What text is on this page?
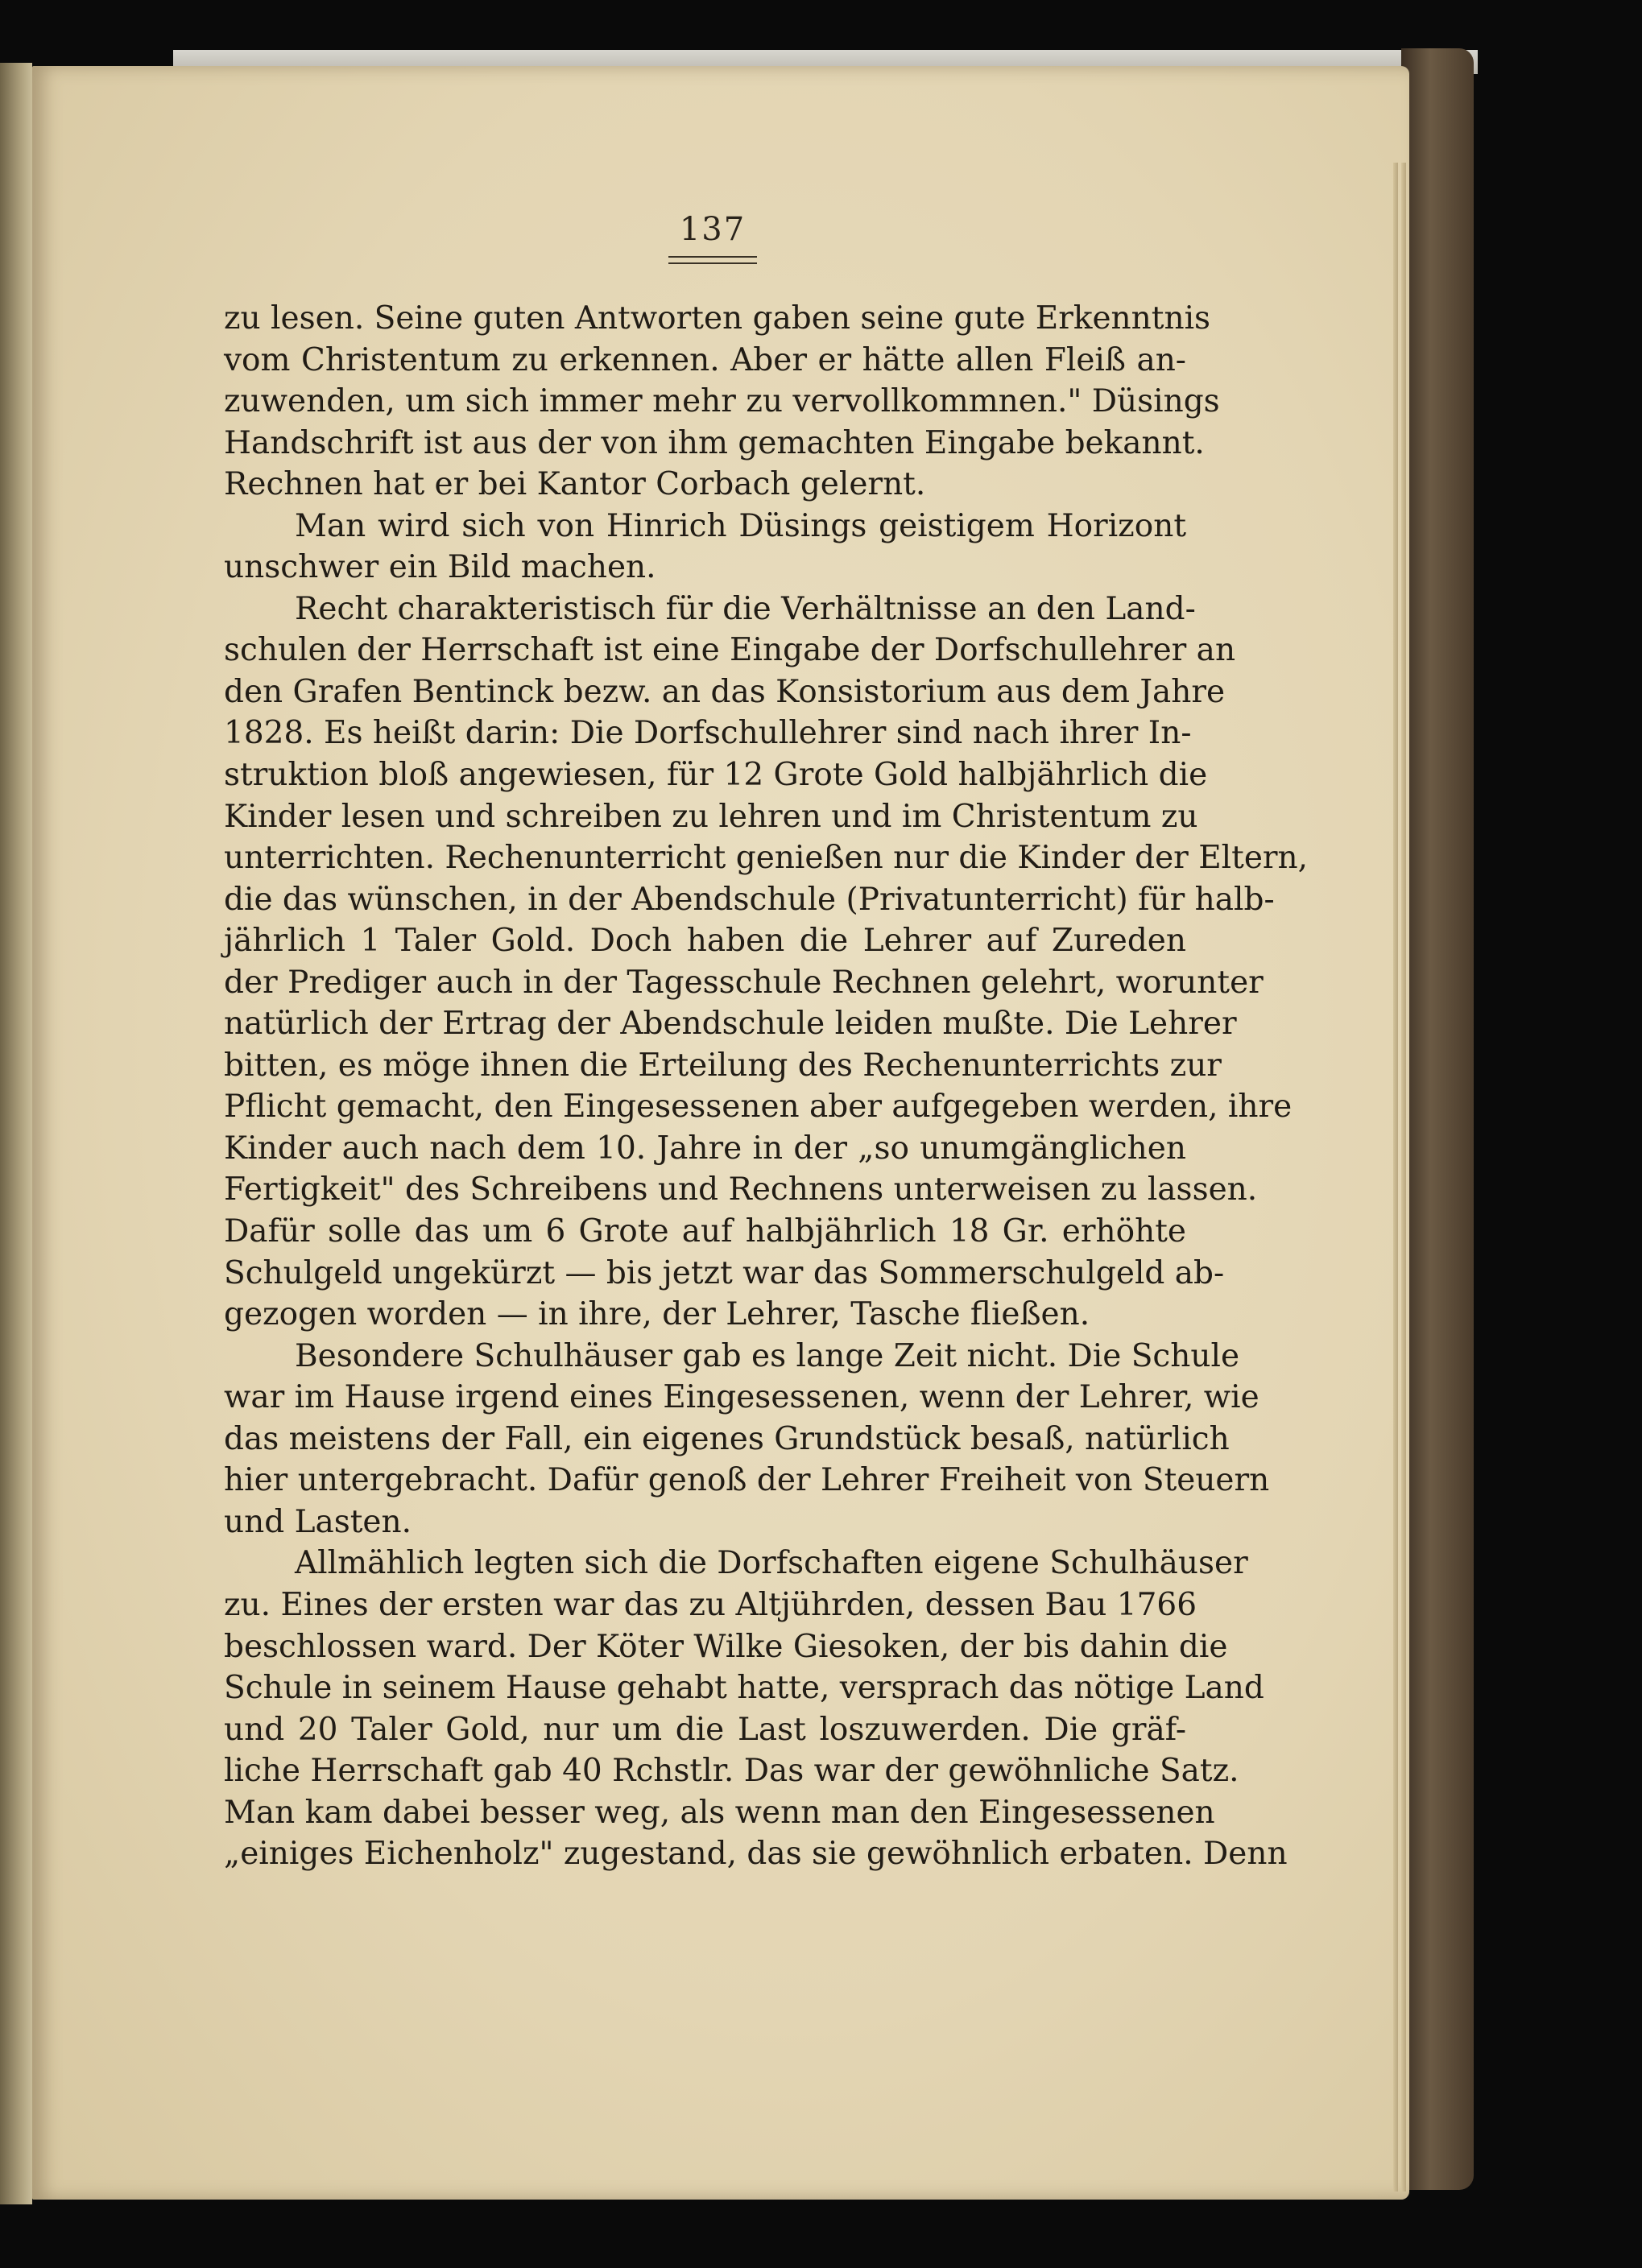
137
zu lesen. Seine guten Antworten gaben seine gute Erkenntnis
vom Christentum zu erkennen. Aber er hätte allen Fleiß an-
zuwenden, um sich immer mehr zu vervollkommnen." Düsings
Handschrift ist aus der von ihm gemachten Eingabe bekannt.
Rechnen hat er bei Kantor Corbach gelernt.
Man wird sich von Hinrich Düsings geistigem Horizont
unschwer ein Bild machen.
Recht charakteristisch für die Verhältnisse an den Land-
schulen der Herrschaft ist eine Eingabe der Dorfschullehrer an
den Grafen Bentinck bezw. an das Konsistorium aus dem Jahre
1828. Es heißt darin: Die Dorfschullehrer sind nach ihrer In-
struktion bloß angewiesen, für 12 Grote Gold halbjährlich die
Kinder lesen und schreiben zu lehren und im Christentum zu
unterrichten. Rechenunterricht genießen nur die Kinder der Eltern,
die das wünschen, in der Abendschule (Privatunterricht) für halb-
jährlich 1 Taler Gold. Doch haben die Lehrer auf Zureden
der Prediger auch in der Tagesschule Rechnen gelehrt, worunter
natürlich der Ertrag der Abendschule leiden mußte. Die Lehrer
bitten, es möge ihnen die Erteilung des Rechenunterrichts zur
Pflicht gemacht, den Eingesessenen aber aufgegeben werden, ihre
Kinder auch nach dem 10. Jahre in der „so unumgänglichen
Fertigkeit" des Schreibens und Rechnens unterweisen zu lassen.
Dafür solle das um 6 Grote auf halbjährlich 18 Gr. erhöhte
Schulgeld ungekürzt — bis jetzt war das Sommerschulgeld ab-
gezogen worden — in ihre, der Lehrer, Tasche fließen.
Besondere Schulhäuser gab es lange Zeit nicht. Die Schule
war im Hause irgend eines Eingesessenen, wenn der Lehrer, wie
das meistens der Fall, ein eigenes Grundstück besaß, natürlich
hier untergebracht. Dafür genoß der Lehrer Freiheit von Steuern
und Lasten.
Allmählich legten sich die Dorfschaften eigene Schulhäuser
zu. Eines der ersten war das zu Altjührden, dessen Bau 1766
beschlossen ward. Der Köter Wilke Giesoken, der bis dahin die
Schule in seinem Hause gehabt hatte, versprach das nötige Land
und 20 Taler Gold, nur um die Last loszuwerden. Die gräf-
liche Herrschaft gab 40 Rchstlr. Das war der gewöhnliche Satz.
Man kam dabei besser weg, als wenn man den Eingesessenen
„einiges Eichenholz" zugestand, das sie gewöhnlich erbaten. Denn
